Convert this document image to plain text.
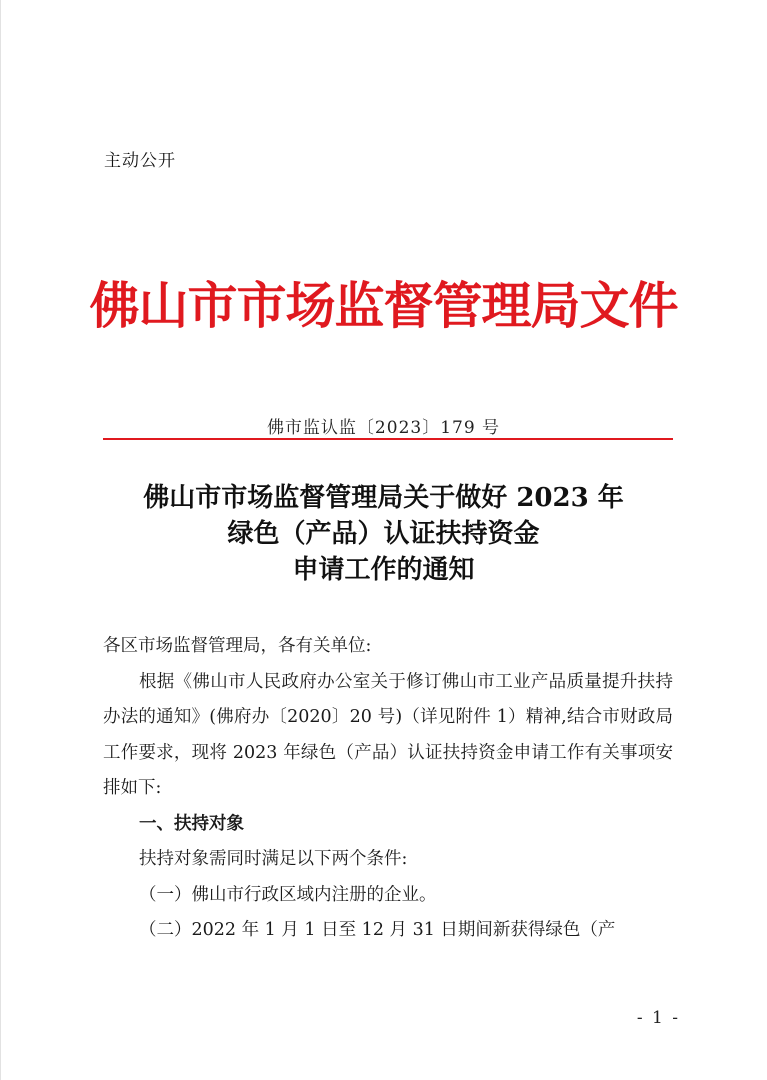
主动公开
佛山市市场监督管理局文件
佛市监认监〔2023〕179 号
佛山市市场监督管理局关于做好 2023 年
绿色（产品）认证扶持资金
申请工作的通知

各区市场监督管理局，各有关单位:

根据《佛山市人民政府办公室关于修订佛山市工业产品质量提升扶持办法的通知》(佛府办〔2020〕20 号)（详见附件 1）精神,结合市财政局工作要求，现将 2023 年绿色（产品）认证扶持资金申请工作有关事项安排如下:

一、扶持对象

扶持对象需同时满足以下两个条件:

（一）佛山市行政区域内注册的企业。

（二）2022 年 1 月 1 日至 12 月 31 日期间新获得绿色（产

- 1 -
